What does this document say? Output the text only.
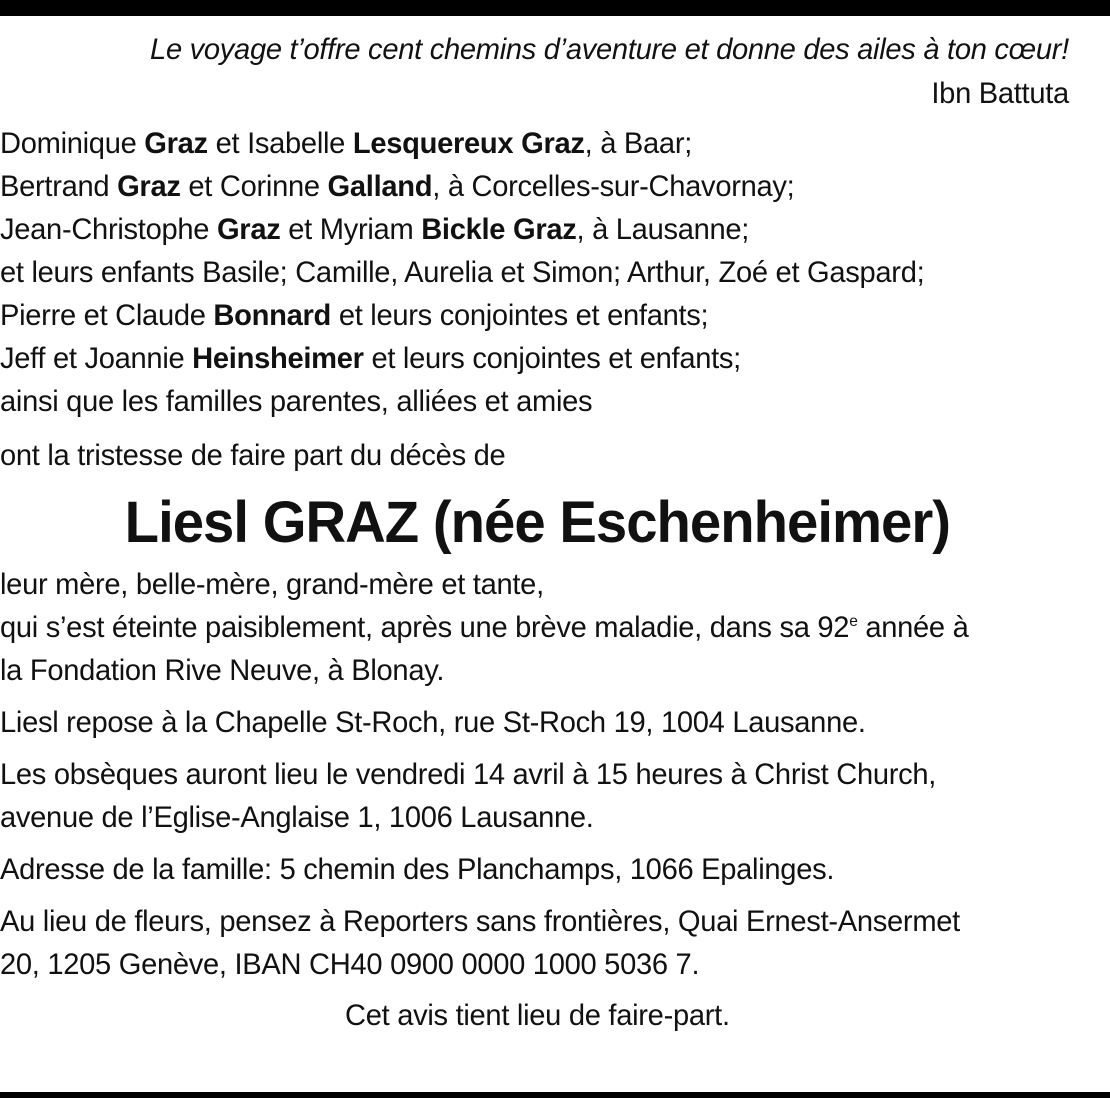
Le voyage t’offre cent chemins d’aventure et donne des ailes à ton cœur!

Ibn Battuta

Dominique Graz et Isabelle Lesquereux Graz, à Baar;

Bertrand Graz et Corinne Galland, à Corcelles-sur-Chavornay;

Jean-Christophe Graz et Myriam Bickle Graz, à Lausanne;

et leurs enfants Basile; Camille, Aurelia et Simon; Arthur, Zoé et Gaspard;

Pierre et Claude Bonnard et leurs conjointes et enfants;

Jeff et Joannie Heinsheimer et leurs conjointes et enfants;

ainsi que les familles parentes, alliées et amies

ont la tristesse de faire part du décès de

Liesl GRAZ (née Eschenheimer)

leur mère, belle-mère, grand-mère et tante,

qui s’est éteinte paisiblement, après une brève maladie, dans sa 92e année à

la Fondation Rive Neuve, à Blonay.

Liesl repose à la Chapelle St-Roch, rue St-Roch 19, 1004 Lausanne.

Les obsèques auront lieu le vendredi 14 avril à 15 heures à Christ Church,

avenue de l’Eglise-Anglaise 1, 1006 Lausanne.

Adresse de la famille: 5 chemin des Planchamps, 1066 Epalinges.

Au lieu de fleurs, pensez à Reporters sans frontières, Quai Ernest-Ansermet

20, 1205 Genève, IBAN CH40 0900 0000 1000 5036 7.

Cet avis tient lieu de faire-part.
